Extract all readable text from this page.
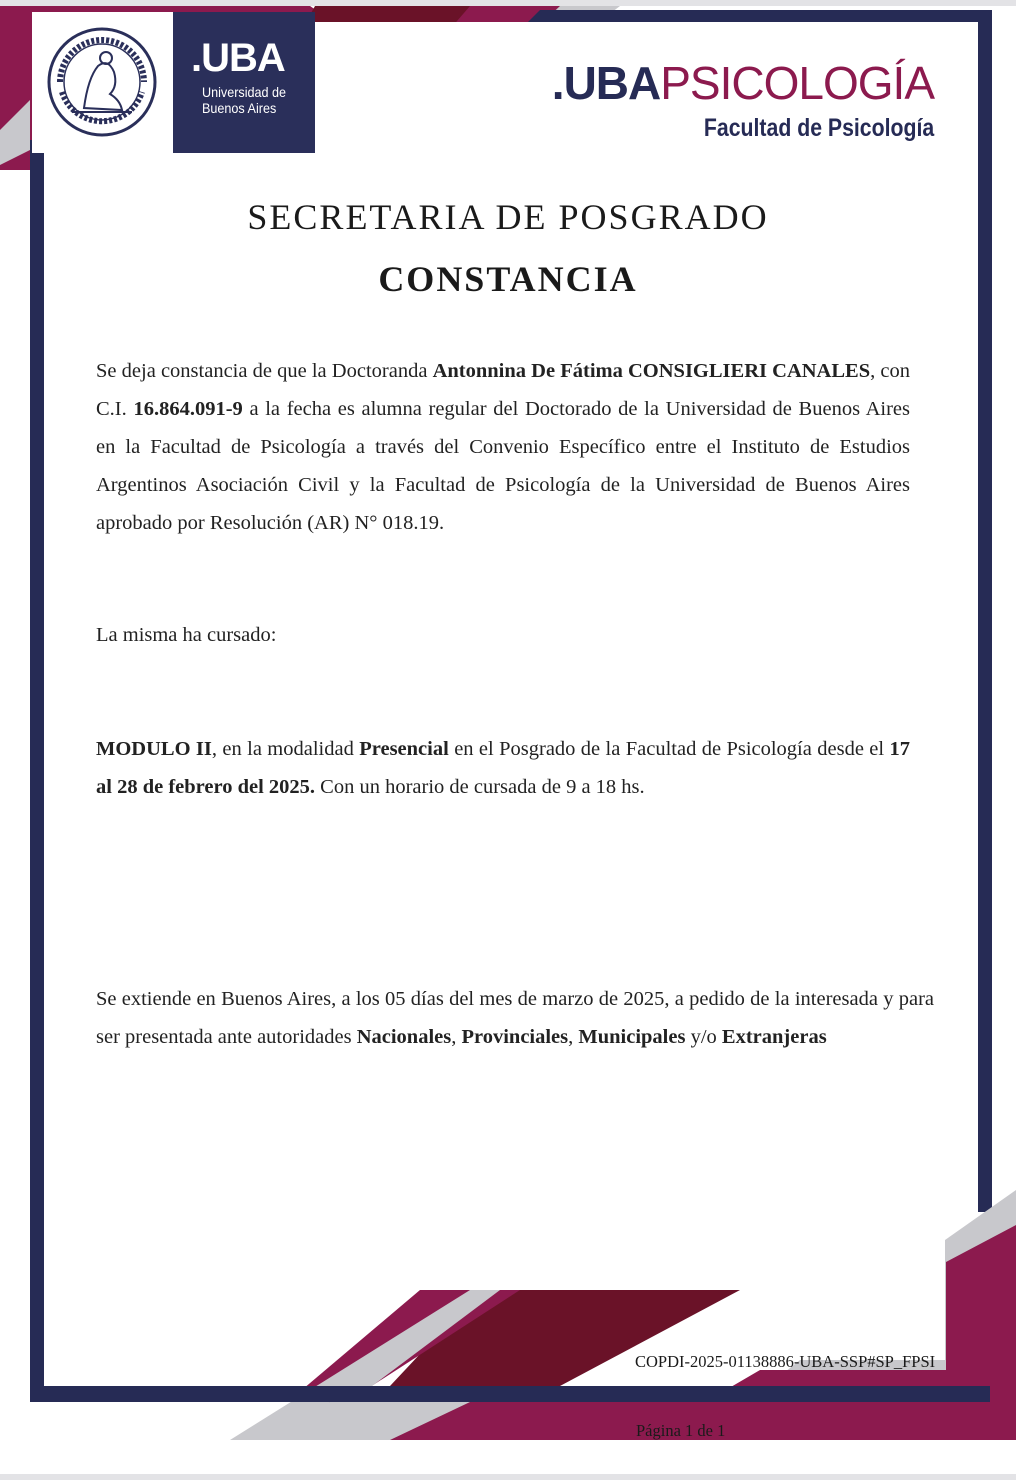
.UBA
Universidad de
Buenos Aires	.UBAPSICOLOGÍA
Facultad de Psicología
SECRETARIA DE POSGRADO
CONSTANCIA
Se deja constancia de que la Doctoranda Antonnina De Fátima CONSIGLIERI CANALES, con C.I. 16.864.091-9 a la fecha es alumna regular del Doctorado de la Universidad de Buenos Aires en la Facultad de Psicología a través del Convenio Específico entre el Instituto de Estudios Argentinos Asociación Civil y la Facultad de Psicología de la Universidad de Buenos Aires aprobado por Resolución (AR) N° 018.19.
La misma ha cursado:
MODULO II, en la modalidad Presencial en el Posgrado de la Facultad de Psicología desde el 17 al 28 de febrero del 2025. Con un horario de cursada de 9 a 18 hs.
Se extiende en Buenos Aires, a los 05 días del mes de marzo de 2025, a pedido de la interesada y para ser presentada ante autoridades Nacionales, Provinciales, Municipales y/o Extranjeras
COPDI-2025-01138886-UBA-SSP#SP_FPSI
Página 1 de 1
